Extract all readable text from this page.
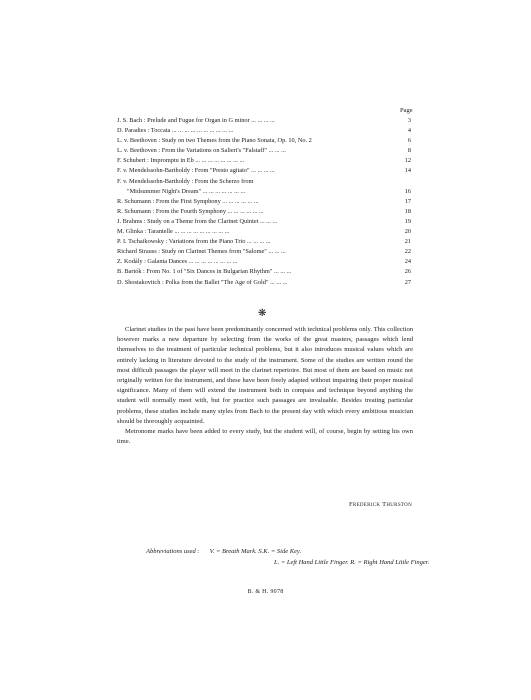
Page
J. S. Bach : Prelude and Fugue for Organ in G minor ... ... ... ...	3
D. Paradies : Toccata ... ... ... ... ... ... ... ... ... ...	4
L. v. Beethoven : Study on two Themes from the Piano Sonata, Op. 10, No. 2	6
L. v. Beethoven : From the Variations on Salieri's "Falstaff" ... ... ...	8
F. Schubert : Impromptu in Eb ... ... ... ... ... ... ... ...	12
F. v. Mendelssohn-Bartholdy : From "Presto agitato" ... ... ... ...	14
F. v. Mendelssohn-Bartholdy : From the Scherzo from
"Midsummer Night's Dream" ... ... ... ... ... ... ...	16
R. Schumann : From the First Symphony ... ... ... ... ... ...	17
R. Schumann : From the Fourth Symphony ... ... ... ... ... ...	18
J. Brahms : Study on a Theme from the Clarinet Quintet ... ... ...	19
M. Glinka : Tarantelle ... ... ... ... ... ... ... ... ...	20
P. I. Tschaikowsky : Variations from the Piano Trio ... ... ... ...	21
Richard Strauss : Study on Clarinet Themes from "Salome" ... ... ...	22
Z. Kodály : Galanta Dances ... ... ... ... ... ... ... ...	24
B. Bartók : From No. 1 of "Six Dances in Bulgarian Rhythm" ... ... ...	26
D. Shostakovitch : Polka from the Ballet "The Age of Gold" ... ... ...	27
❋

Clarinet studies in the past have been predominantly concerned with technical problems only. This collection however marks a new departure by selecting from the works of the great masters, passages which lend themselves to the treatment of particular technical problems, but it also introduces musical values which are entirely lacking in literature devoted to the study of the instrument. Some of the studies are written round the most difficult passages the player will meet in the clarinet repertoire. But most of them are based on music not originally written for the instrument, and these have been freely adapted without impairing their proper musical significance. Many of them will extend the instrument both in compass and technique beyond anything the student will normally meet with, but for practice such passages are invaluable. Besides treating particular problems, these studies include many styles from Bach to the present day with which every ambitious musician should be thoroughly acquainted.

Metronome marks have been added to every study, but the student will, of course, begin by setting his own time.

Frederick Thurston
Abbreviations used : V. = Breath Mark. S.K. = Side Key.
L. = Left Hand Little Finger. R. = Right Hand Little Finger.
B. & H. 9078
